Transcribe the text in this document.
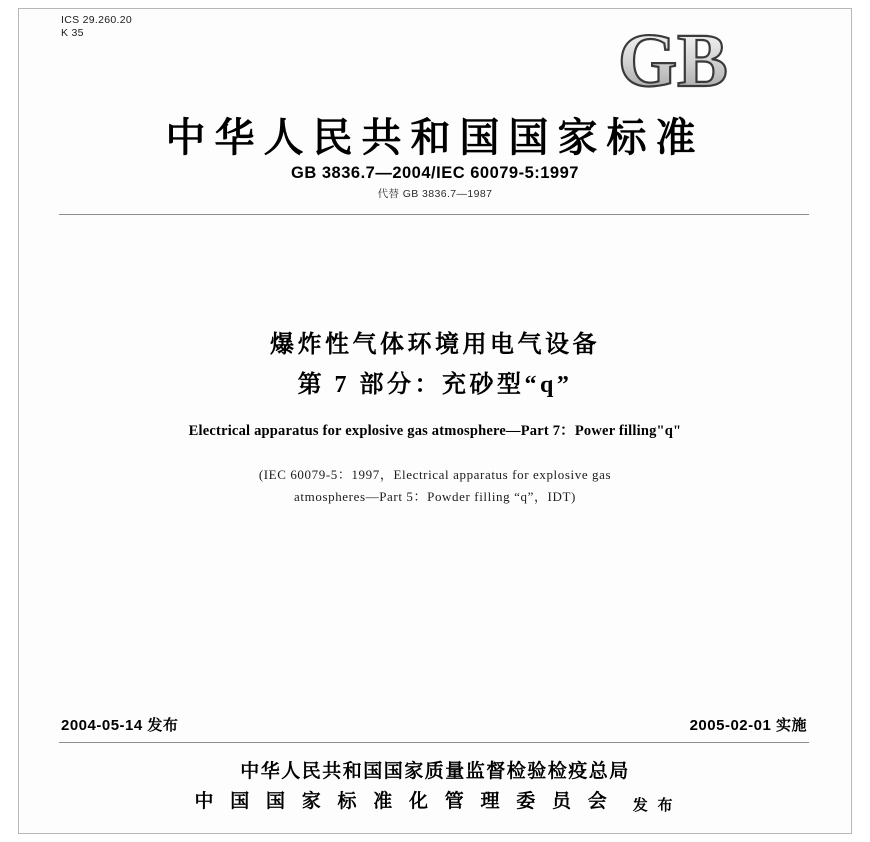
ICS 29.260.20
K 35	GB
中华人民共和国国家标准
GB 3836.7—2004/IEC 60079-5:1997
代替 GB 3836.7—1987
爆炸性气体环境用电气设备
第 7 部分：充砂型“q”
Electrical apparatus for explosive gas atmosphere—Part 7：Power filling"q"
(IEC 60079-5：1997，Electrical apparatus for explosive gas
atmospheres—Part 5：Powder filling “q”，IDT)
2004-05-14 发布	2005-02-01 实施
中华人民共和国国家质量监督检验检疫总局
中 国 国 家 标 准 化 管 理 委 员 会 发 布
